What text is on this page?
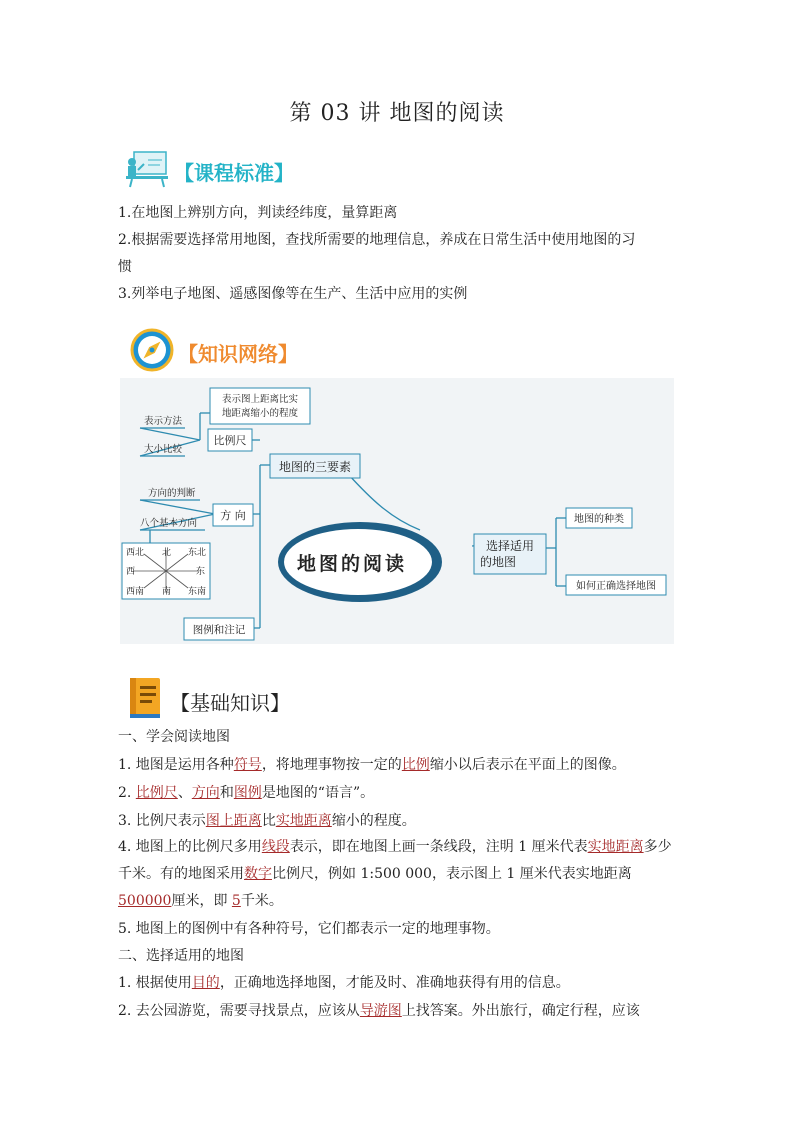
第 03 讲 地图的阅读
【课程标准】
1.在地图上辨别方向，判读经纬度，量算距离
2.根据需要选择常用地图，查找所需要的地理信息，养成在日常生活中使用地图的习
惯
3.列举电子地图、遥感图像等在生产、生活中应用的实例
【知识网络】
表示图上距离比实
地距离缩小的程度
表示方法
大小比较
比例尺
地图的三要素
方向的判断
八个基本方向
方 向
西北 北 东北
西	东
西南 南 东南
图例和注记
地图的阅读
选择适用
的地图
地图的种类
如何正确选择地图
【基础知识】
一、学会阅读地图
1. 地图是运用各种符号，将地理事物按一定的比例缩小以后表示在平面上的图像。
2. 比例尺、方向和图例是地图的“语言”。
3. 比例尺表示图上距离比实地距离缩小的程度。
4. 地图上的比例尺多用线段表示，即在地图上画一条线段，注明 1 厘米代表实地距离多少千米。有的地图采用数字比例尺，例如 1:500 000，表示图上 1 厘米代表实地距离 500000厘米，即 5千米。
5. 地图上的图例中有各种符号，它们都表示一定的地理事物。
二、选择适用的地图
1. 根据使用目的，正确地选择地图，才能及时、准确地获得有用的信息。
2. 去公园游览，需要寻找景点，应该从导游图上找答案。外出旅行，确定行程，应该
